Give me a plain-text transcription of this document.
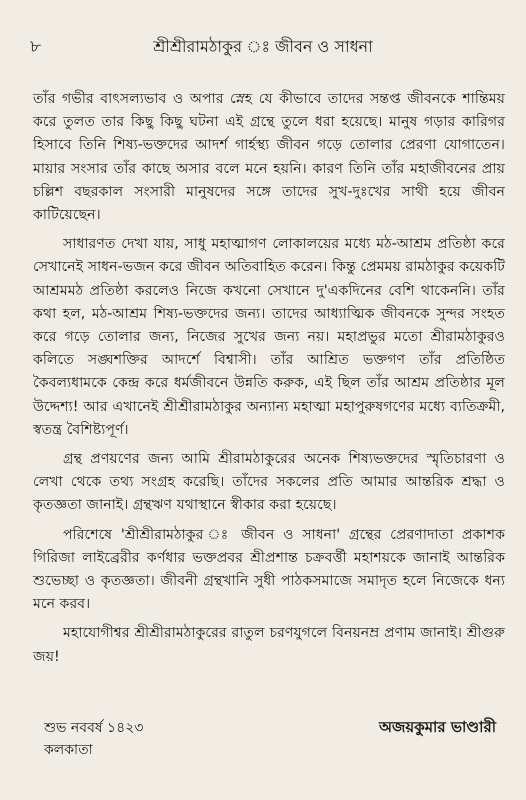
৮	শ্রীশ্রীরামঠাকুর ঃ জীবন ও সাধনা

তাঁর গভীর বাৎসল্যভাব ও অপার স্নেহ যে কীভাবে তাদের সন্তপ্ত জীবনকে শান্তিময় করে তুলত তার কিছু কিছু ঘটনা এই গ্রন্থে তুলে ধরা হয়েছে। মানুষ গড়ার কারিগর হিসাবে তিনি শিষ্য-ভক্তদের আদর্শ গার্হস্থ্য জীবন গড়ে তোলার প্রেরণা যোগাতেন। মায়ার সংসার তাঁর কাছে অসার বলে মনে হয়নি। কারণ তিনি তাঁর মহাজীবনের প্রায় চল্লিশ বছরকাল সংসারী মানুষদের সঙ্গে তাদের সুখ-দুঃখের সাথী হয়ে জীবন কাটিয়েছেন।

সাধারণত দেখা যায়, সাধু মহাত্মাগণ লোকালয়ের মধ্যে মঠ-আশ্রম প্রতিষ্ঠা করে সেখানেই সাধন-ভজন করে জীবন অতিবাহিত করেন। কিন্তু প্রেমময় রামঠাকুর কয়েকটি আশ্রমমঠ প্রতিষ্ঠা করলেও নিজে কখনো সেখানে দু'একদিনের বেশি থাকেননি। তাঁর কথা হল, মঠ-আশ্রম শিষ্য-ভক্তদের জন্য। তাদের আধ্যাত্মিক জীবনকে সুন্দর সংহত করে গড়ে তোলার জন্য, নিজের সুখের জন্য নয়। মহাপ্রভুর মতো শ্রীরামঠাকুরও কলিতে সঙ্ঘশক্তির আদর্শে বিশ্বাসী। তাঁর আশ্রিত ভক্তগণ তাঁর প্রতিষ্ঠিত কৈবল্যধামকে কেন্দ্র করে ধর্মজীবনে উন্নতি করুক, এই ছিল তাঁর আশ্রম প্রতিষ্ঠার মূল উদ্দেশ্য! আর এখানেই শ্রীশ্রীরামঠাকুর অন্যান্য মহাত্মা মহাপুরুষগণের মধ্যে ব্যতিক্রমী, স্বতন্ত্র বৈশিষ্ট্যপূর্ণ।

গ্রন্থ প্রণয়ণের জন্য আমি শ্রীরামঠাকুরের অনেক শিষ্যভক্তদের স্মৃতিচারণা ও লেখা থেকে তথ্য সংগ্রহ করেছি। তাঁদের সকলের প্রতি আমার আন্তরিক শ্রদ্ধা ও কৃতজ্ঞতা জানাই। গ্রন্থঋণ যথাস্থানে স্বীকার করা হয়েছে।

পরিশেষে 'শ্রীশ্রীরামঠাকুর ঃ জীবন ও সাধনা' গ্রন্থের প্রেরণাদাতা প্রকাশক গিরিজা লাইব্রেরীর কর্ণধার ভক্তপ্রবর শ্রীপ্রশান্ত চক্রবর্ত্তী মহাশয়কে জানাই আন্তরিক শুভেচ্ছা ও কৃতজ্ঞতা। জীবনী গ্রন্থখানি সুধী পাঠকসমাজে সমাদৃত হলে নিজেকে ধন্য মনে করব।

মহাযোগীশ্বর শ্রীশ্রীরামঠাকুরের রাতুল চরণযুগলে বিনয়নম্র প্রণাম জানাই। শ্রীগুরু জয়!

শুভ নববর্ষ ১৪২৩	অজয়কুমার ভাণ্ডারী
কলকাতা
